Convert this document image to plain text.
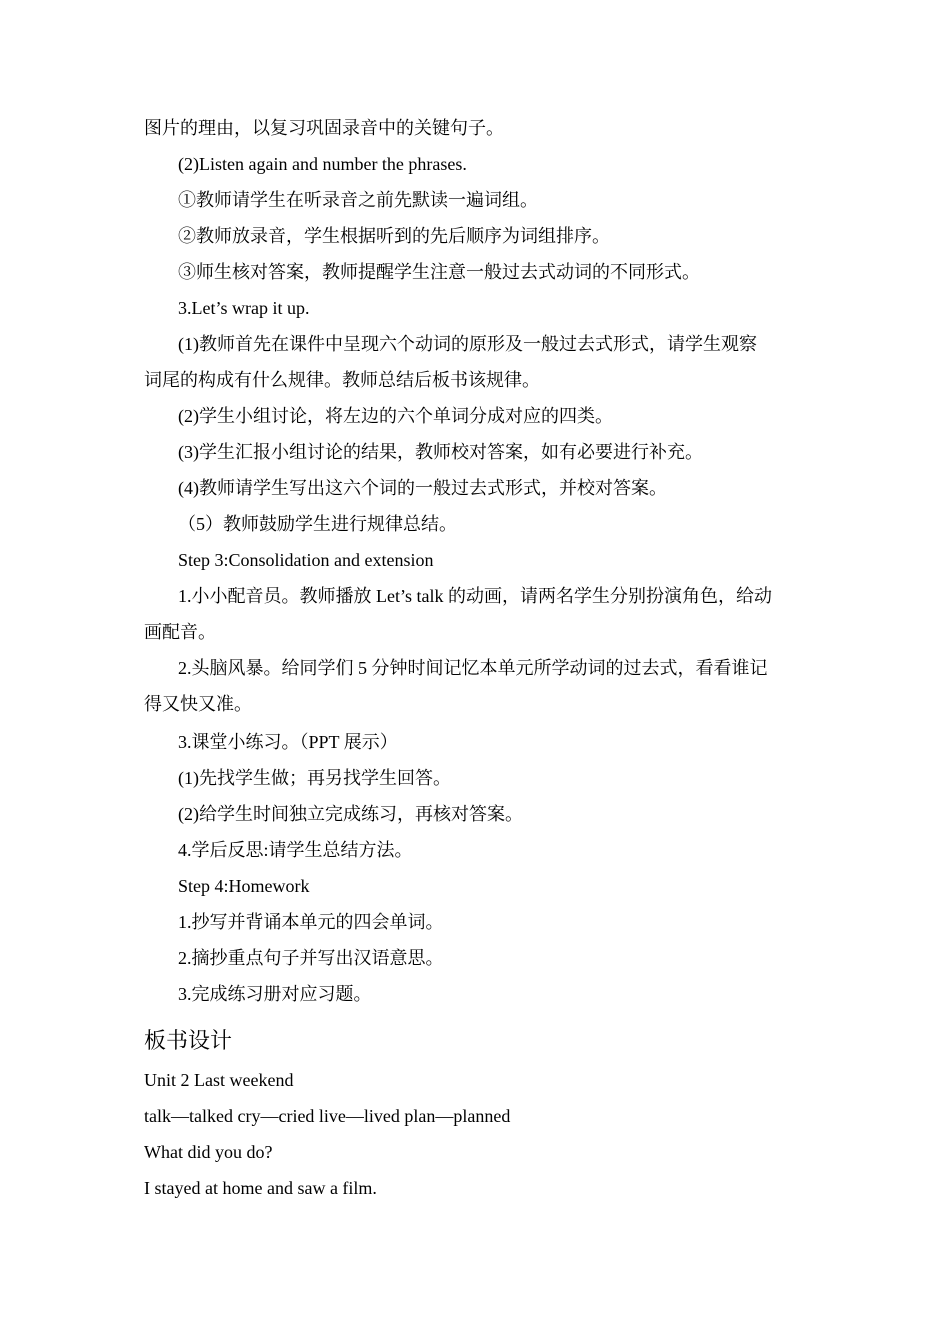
图片的理由，以复习巩固录音中的关键句子。
(2)Listen again and number the phrases.
①教师请学生在听录音之前先默读一遍词组。
②教师放录音，学生根据听到的先后顺序为词组排序。
③师生核对答案，教师提醒学生注意一般过去式动词的不同形式。
3.Let’s wrap it up.
(1)教师首先在课件中呈现六个动词的原形及一般过去式形式，请学生观察
词尾的构成有什么规律。教师总结后板书该规律。
(2)学生小组讨论，将左边的六个单词分成对应的四类。
(3)学生汇报小组讨论的结果，教师校对答案，如有必要进行补充。
(4)教师请学生写出这六个词的一般过去式形式，并校对答案。
（5）教师鼓励学生进行规律总结。
Step 3:Consolidation and extension
1.小小配音员。教师播放 Let’s talk 的动画，请两名学生分别扮演角色，给动
画配音。
2.头脑风暴。给同学们 5 分钟时间记忆本单元所学动词的过去式，看看谁记
得又快又准。
3.课堂小练习。（PPT 展示）
(1)先找学生做；再另找学生回答。
(2)给学生时间独立完成练习，再核对答案。
4.学后反思:请学生总结方法。
Step 4:Homework
1.抄写并背诵本单元的四会单词。
2.摘抄重点句子并写出汉语意思。
3.完成练习册对应习题。
板书设计
Unit 2 Last weekend
talk—talked cry—cried live—lived plan—planned
What did you do?
I stayed at home and saw a film.
